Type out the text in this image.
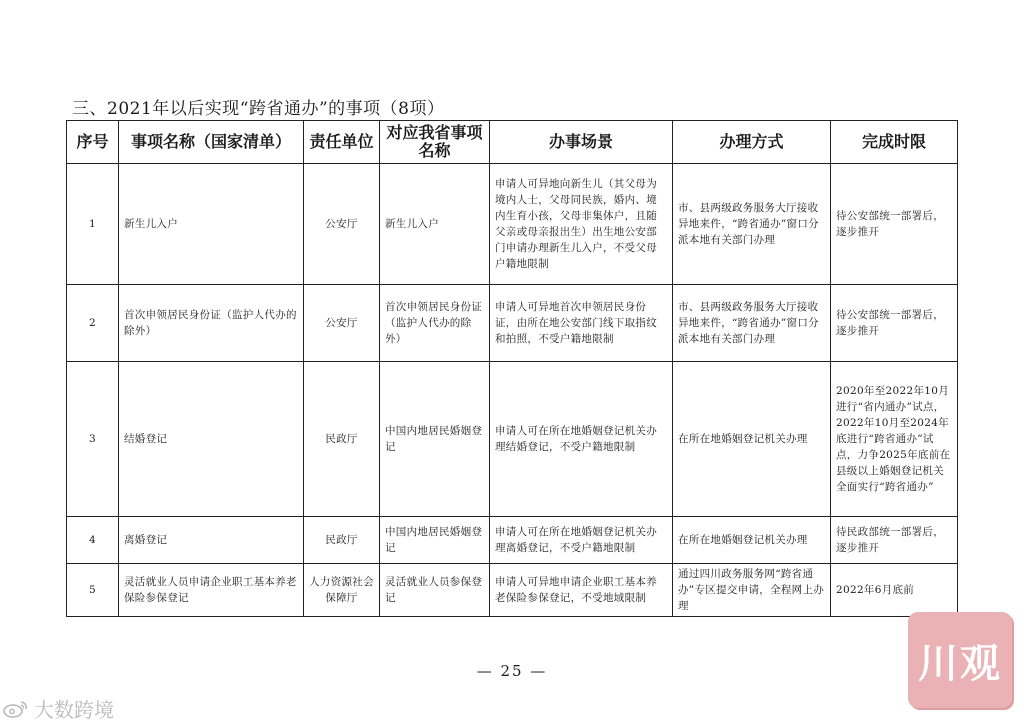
三、2021年以后实现“跨省通办”的事项（8项）
序号	事项名称（国家清单）	责任单位	对应我省事项名称	办事场景	办理方式	完成时限
1	新生儿入户	公安厅	新生儿入户	申请人可异地向新生儿（其父母为境内人士，父母同民族，婚内、境内生育小孩，父母非集体户，且随父亲或母亲报出生）出生地公安部门申请办理新生儿入户，不受父母户籍地限制	市、县两级政务服务大厅接收异地来件，“跨省通办”窗口分派本地有关部门办理	待公安部统一部署后，逐步推开
2	首次申领居民身份证（监护人代办的除外）	公安厅	首次申领居民身份证（监护人代办的除外）	申请人可异地首次申领居民身份证，由所在地公安部门线下取指纹和拍照，不受户籍地限制	市、县两级政务服务大厅接收异地来件，“跨省通办”窗口分派本地有关部门办理	待公安部统一部署后，逐步推开
3	结婚登记	民政厅	中国内地居民婚姻登记	申请人可在所在地婚姻登记机关办理结婚登记，不受户籍地限制	在所在地婚姻登记机关办理	2020年至2022年10月进行“省内通办”试点，2022年10月至2024年底进行“跨省通办”试点，力争2025年底前在县级以上婚姻登记机关全面实行“跨省通办”
4	离婚登记	民政厅	中国内地居民婚姻登记	申请人可在所在地婚姻登记机关办理离婚登记，不受户籍地限制	在所在地婚姻登记机关办理	待民政部统一部署后，逐步推开
5	灵活就业人员申请企业职工基本养老保险参保登记	人力资源社会保障厅	灵活就业人员参保登记	申请人可异地申请企业职工基本养老保险参保登记，不受地域限制	通过四川政务服务网“跨省通办”专区提交申请，全程网上办理	2022年6月底前
— 25 —
大数跨境
川观
